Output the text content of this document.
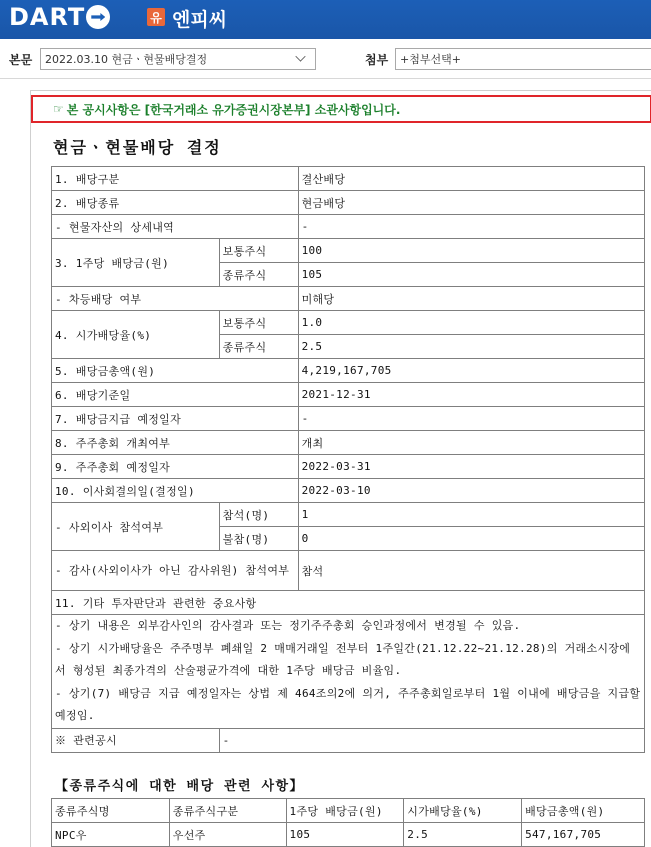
DART	유 엔피씨
본문 2022.03.10 현금ㆍ현물배당결정	첨부 +첨부선택+
☞ 본 공시사항은 [한국거래소 유가증권시장본부] 소관사항입니다.
현금ㆍ현물배당 결정
1. 배당구분		결산배당
2. 배당종류		현금배당
- 현물자산의 상세내역		-
3. 1주당 배당금(원)	보통주식	100
	종류주식	105
- 차등배당 여부		미해당
4. 시가배당율(%)	보통주식	1.0
	종류주식	2.5
5. 배당금총액(원)		4,219,167,705
6. 배당기준일		2021-12-31
7. 배당금지급 예정일자		-
8. 주주총회 개최여부		개최
9. 주주총회 예정일자		2022-03-31
10. 이사회결의일(결정일)		2022-03-10
- 사외이사 참석여부	참석(명)	1
	불참(명)	0
- 감사(사외이사가 아닌 감사위원) 참석여부		참석
11. 기타 투자판단과 관련한 중요사항		

- 상기 내용은 외부감사인의 감사결과 또는 정기주주총회 승인과정에서 변경될 수 있음.
- 상기 시가배당율은 주주명부 폐쇄일 2 매매거래일 전부터 1주일간(21.12.22~21.12.28)의 거래소시장에서 형성된 최종가격의 산술평균가격에 대한 1주당 배당금 비율임.
- 상기(7) 배당금 지급 예정일자는 상법 제 464조의2에 의거, 주주총회일로부터 1월 이내에 배당금을 지급할 예정임.		

※ 관련공시	-	
【종류주식에 대한 배당 관련 사항】
종류주식명	종류주식구분	1주당 배당금(원)	시가배당율(%)	배당금총액(원)
NPC우	우선주	105	2.5	547,167,705
